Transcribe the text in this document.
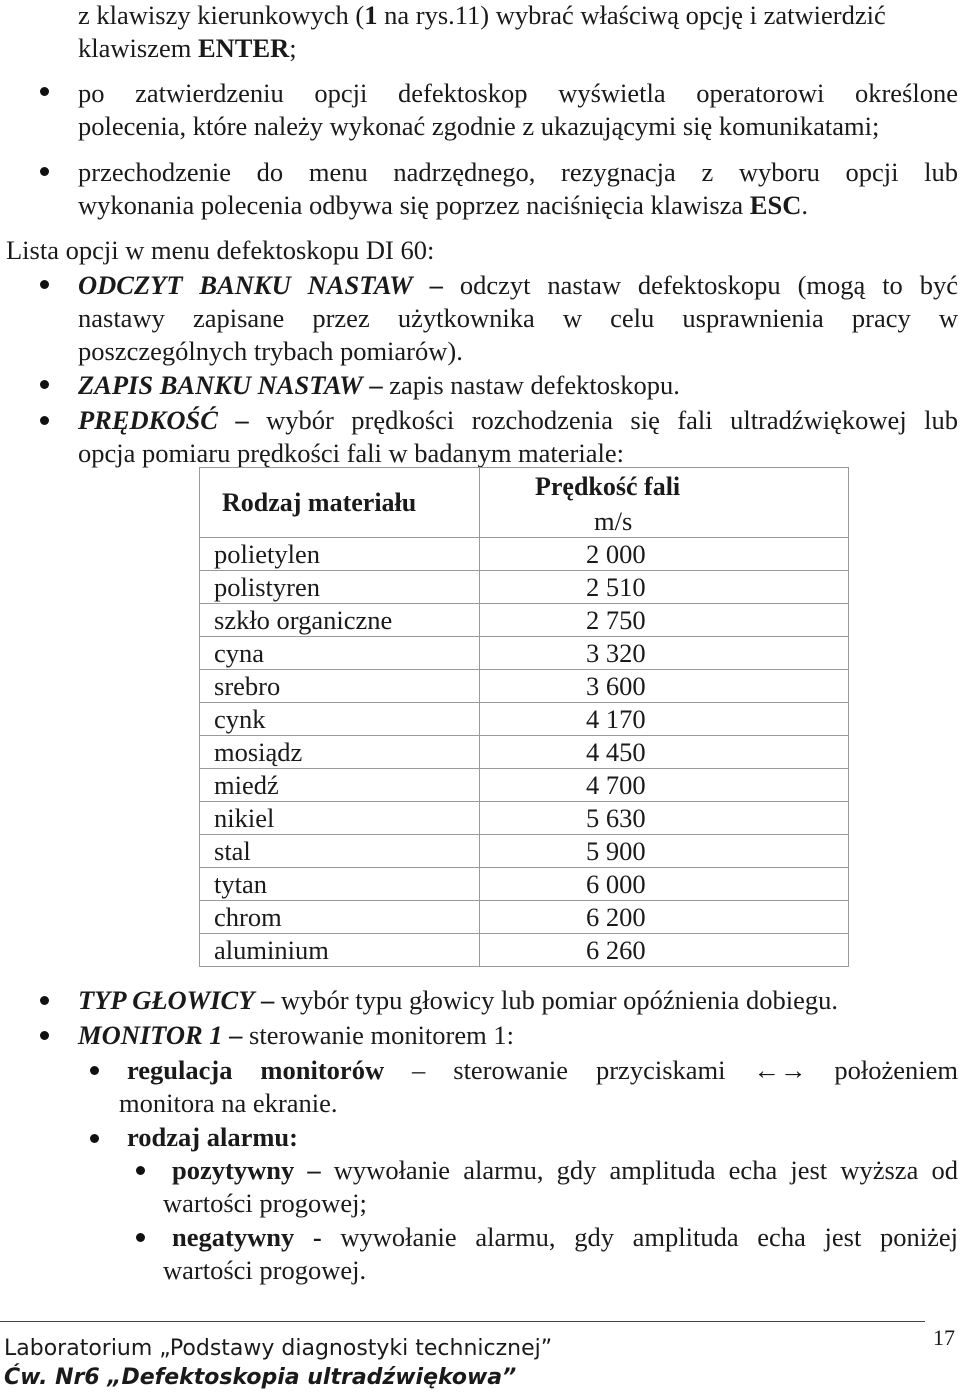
z klawiszy kierunkowych (1 na rys.11) wybrać właściwą opcję i zatwierdzić
klawiszem ENTER;
po zatwierdzeniu opcji defektoskop wyświetla operatorowi określone
polecenia, które należy wykonać zgodnie z ukazującymi się komunikatami;
przechodzenie do menu nadrzędnego, rezygnacja z wyboru opcji lub
wykonania polecenia odbywa się poprzez naciśnięcia klawisza ESC.
Lista opcji w menu defektoskopu DI 60:
ODCZYT BANKU NASTAW – odczyt nastaw defektoskopu (mogą to być
nastawy zapisane przez użytkownika w celu usprawnienia pracy w
poszczególnych trybach pomiarów).
ZAPIS BANKU NASTAW – zapis nastaw defektoskopu.
PRĘDKOŚĆ – wybór prędkości rozchodzenia się fali ultradźwiękowej lub
opcja pomiaru prędkości fali w badanym materiale:
Rodzaj materiału	Prędkość fali
	m/s
polietylen	2 000
polistyren	2 510
szkło organiczne	2 750
cyna	3 320
srebro	3 600
cynk	4 170
mosiądz	4 450
miedź	4 700
nikiel	5 630
stal	5 900
tytan	6 000
chrom	6 200
aluminium	6 260
TYP GŁOWICY – wybór typu głowicy lub pomiar opóźnienia dobiegu.
MONITOR 1 – sterowanie monitorem 1:
regulacja monitorów – sterowanie przyciskami ←→ położeniem
monitora na ekranie.
rodzaj alarmu:
pozytywny – wywołanie alarmu, gdy amplituda echa jest wyższa od
wartości progowej;
negatywny - wywołanie alarmu, gdy amplituda echa jest poniżej
wartości progowej.
17
Laboratorium „Podstawy diagnostyki technicznej”
Ćw. Nr6 „Defektoskopia ultradźwiękowa”
